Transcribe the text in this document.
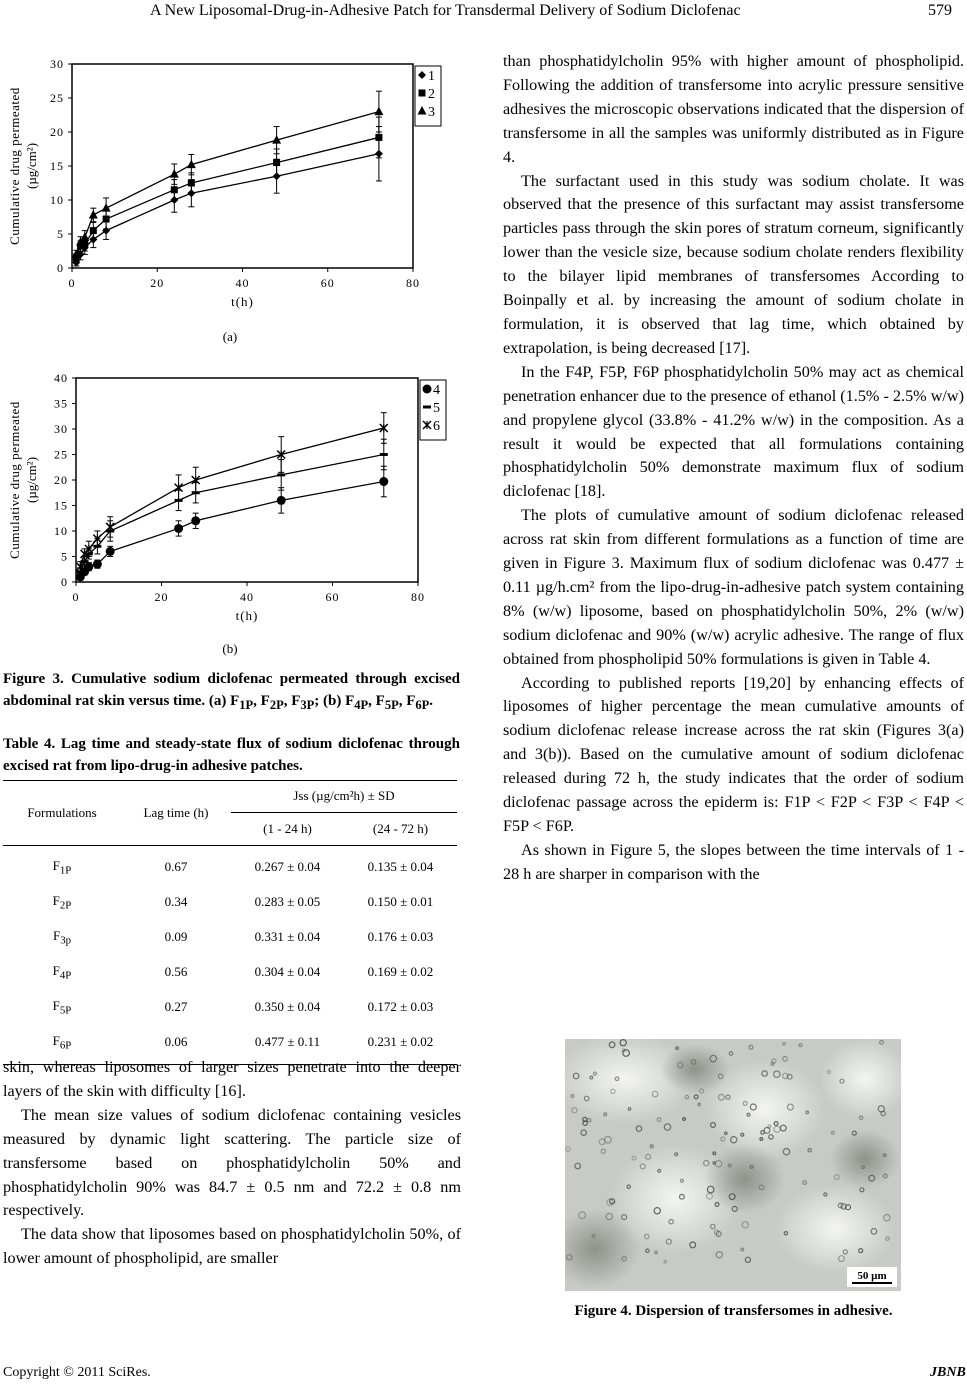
A New Liposomal-Drug-in-Adhesive Patch for Transdermal Delivery of Sodium Diclofenac	579
0
5
10
15
20
25
30
0	20	40	60	80
t(h)
Cumulative drug permeated (µg/cm²)
1
2
3
(a)
0
5
10
15
20
25
30
35
40
0	20	40	60	80
t(h)
Cumulative drug permeated (µg/cm²)
4
5
6
(b)

Figure 3. Cumulative sodium diclofenac permeated through excised abdominal rat skin versus time. (a) $F_{1P}$, $F_{2P}$, $F_{3P}$; (b) $F_{4P}$, $F_{5P}$, $F_{6P}$.

Table 4. Lag time and steady-state flux of sodium diclofenac through excised rat from lipo-drug-in adhesive patches.

Formulations	Lag time (h)	Jss (µg/cm²h) ± SD	
		(1 - 24 h)	(24 - 72 h)

$F_{1P}$	0.67	0.267 ± 0.04	0.135 ± 0.04
$F_{2P}$	0.34	0.283 ± 0.05	0.150 ± 0.01
$F_{3p}$	0.09	0.331 ± 0.04	0.176 ± 0.03
$F_{4P}$	0.56	0.304 ± 0.04	0.169 ± 0.02
$F_{5P}$	0.27	0.350 ± 0.04	0.172 ± 0.03
$F_{6P}$	0.06	0.477 ± 0.11	0.231 ± 0.02

skin, whereas liposomes of larger sizes penetrate into the deeper layers of the skin with difficulty [16].

The mean size values of sodium diclofenac containing vesicles measured by dynamic light scattering. The particle size of transfersome based on phosphatidylcholin 50% and phosphatidylcholin 90% was 84.7 ± 0.5 nm and 72.2 ± 0.8 nm respectively.

The data show that liposomes based on phosphatidylcholin 50%, of lower amount of phospholipid, are smaller

than phosphatidylcholin 95% with higher amount of phospholipid. Following the addition of transfersome into acrylic pressure sensitive adhesives the microscopic observations indicated that the dispersion of transfersome in all the samples was uniformly distributed as in Figure 4.

The surfactant used in this study was sodium cholate. It was observed that the presence of this surfactant may assist transfersome particles pass through the skin pores of stratum corneum, significantly lower than the vesicle size, because sodium cholate renders flexibility to the bilayer lipid membranes of transfersomes According to Boinpally et al. by increasing the amount of sodium cholate in formulation, it is observed that lag time, which obtained by extrapolation, is being decreased [17].

In the F4P, F5P, F6P phosphatidylcholin 50% may act as chemical penetration enhancer due to the presence of ethanol (1.5% - 2.5% w/w) and propylene glycol (33.8% - 41.2% w/w) in the composition. As a result it would be expected that all formulations containing phosphatidylcholin 50% demonstrate maximum flux of sodium diclofenac [18].

The plots of cumulative amount of sodium diclofenac released across rat skin from different formulations as a function of time are given in Figure 3. Maximum flux of sodium diclofenac was 0.477 ± 0.11 µg/h.cm² from the lipo-drug-in-adhesive patch system containing 8% (w/w) liposome, based on phosphatidylcholin 50%, 2% (w/w) sodium diclofenac and 90% (w/w) acrylic adhesive. The range of flux obtained from phospholipid 50% formulations is given in Table 4.

According to published reports [19,20] by enhancing effects of liposomes of higher percentage the mean cumulative amounts of sodium diclofenac release increase across the rat skin (Figures 3(a) and 3(b)). Based on the cumulative amount of sodium diclofenac released during 72 h, the study indicates that the order of sodium diclofenac passage across the epiderm is: F1P < F2P < F3P < F4P < F5P < F6P.

As shown in Figure 5, the slopes between the time intervals of 1 - 28 h are sharper in comparison with the

50 µm

Figure 4. Dispersion of transfersomes in adhesive.

Copyright © 2011 SciRes.	JBNB
